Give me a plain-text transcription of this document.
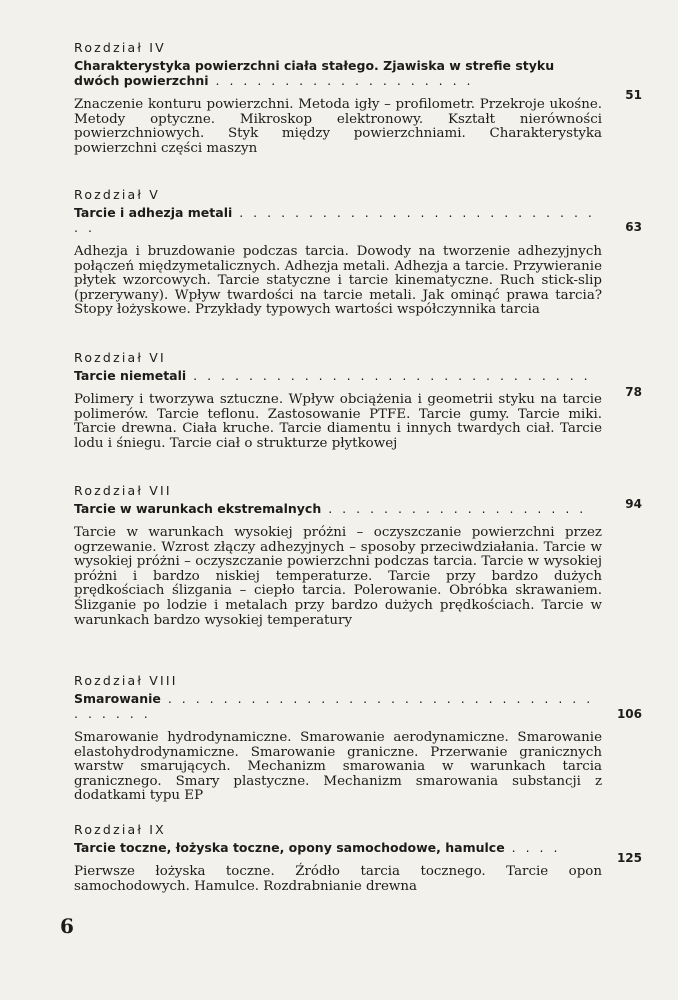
Rozdział IV
Charakterystyka powierzchni ciała stałego. Zjawiska w strefie styku dwóch powierzchni . . . . . . . . . . . . . . . . . . .
Znaczenie konturu powierzchni. Metoda igły – profilometr. Przekroje ukośne. Metody optyczne. Mikroskop elektronowy. Kształt nierówności powierzchniowych. Styk między powierzchniami. Charakterystyka powierzchni części maszyn
51
Rozdział V
Tarcie i adhezja metali . . . . . . . . . . . . . . . . . . . . . . . . . . . .
Adhezja i bruzdowanie podczas tarcia. Dowody na tworzenie adhezyjnych połączeń międzymetalicznych. Adhezja metali. Adhezja a tarcie. Przywieranie płytek wzorcowych. Tarcie statyczne i tarcie kinematyczne. Ruch stick-slip (przerywany). Wpływ twardości na tarcie metali. Jak ominąć prawa tarcia? Stopy łożyskowe. Przykłady typowych wartości współczynnika tarcia
63
Rozdział VI
Tarcie niemetali . . . . . . . . . . . . . . . . . . . . . . . . . . . . .
Polimery i tworzywa sztuczne. Wpływ obciążenia i geometrii styku na tarcie polimerów. Tarcie teflonu. Zastosowanie PTFE. Tarcie gumy. Tarcie miki. Tarcie drewna. Ciała kruche. Tarcie diamentu i innych twardych ciał. Tarcie lodu i śniegu. Tarcie ciał o strukturze płytkowej
78
Rozdział VII
Tarcie w warunkach ekstremalnych . . . . . . . . . . . . . . . . . . .
Tarcie w warunkach wysokiej próżni – oczyszczanie powierzchni przez ogrzewanie. Wzrost złączy adhezyjnych – sposoby przeciwdziałania. Tarcie w wysokiej próżni – oczyszczanie powierzchni podczas tarcia. Tarcie w wysokiej próżni i bardzo niskiej temperaturze. Tarcie przy bardzo dużych prędkościach ślizgania – ciepło tarcia. Polerowanie. Obróbka skrawaniem. Ślizganie po lodzie i metalach przy bardzo dużych prędkościach. Tarcie w warunkach bardzo wysokiej temperatury
94
Rozdział VIII
Smarowanie . . . . . . . . . . . . . . . . . . . . . . . . . . . . . . . . . . . . .
Smarowanie hydrodynamiczne. Smarowanie aerodynamiczne. Smarowanie elastohydrodynamiczne. Smarowanie graniczne. Przerwanie granicznych warstw smarujących. Mechanizm smarowania w warunkach tarcia granicznego. Smary plastyczne. Mechanizm smarowania substancji z dodatkami typu EP
106
Rozdział IX
Tarcie toczne, łożyska toczne, opony samochodowe, hamulce . . . .
Pierwsze łożyska toczne. Źródło tarcia tocznego. Tarcie opon samochodowych. Hamulce. Rozdrabnianie drewna
125
6
